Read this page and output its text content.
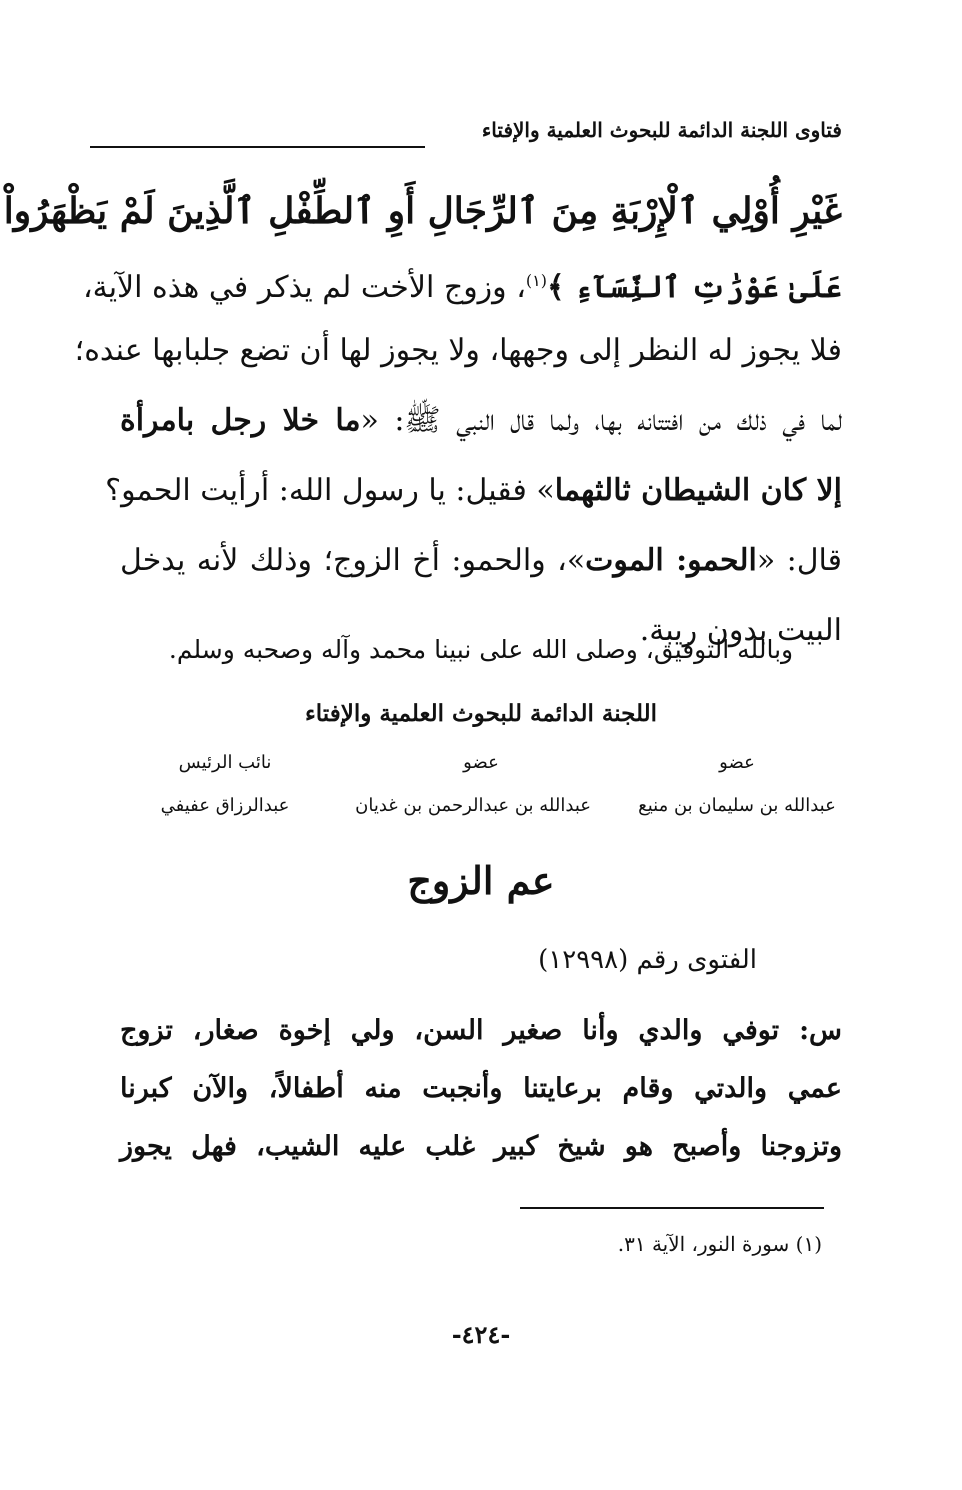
فتاوى اللجنة الدائمة للبحوث العلمية والإفتاء
غَيْرِ أُوْلِي ٱلْإِرْبَةِ مِنَ ٱلرِّجَالِ أَوِ ٱلطِّفْلِ ٱلَّذِينَ لَمْ يَظْهَرُواْ
عَلَىٰ عَوْرَٰتِ ٱلنِّسَآءِ ﴾$^{(١)}$، وزوج الأخت لم يذكر في هذه الآية،
فلا يجوز له النظر إلى وجهها، ولا يجوز لها أن تضع جلبابها عنده؛
لما في ذلك من افتتانه بها، ولما قال النبي ﷺ: «ما خلا رجل بامرأة
إلا كان الشيطان ثالثهما» فقيل: يا رسول الله: أرأيت الحمو؟
قال: «الحمو: الموت»، والحمو: أخ الزوج؛ وذلك لأنه يدخل
البيت بدون ريبة.
وبالله التوفيق، وصلى الله على نبينا محمد وآله وصحبه وسلم.
اللجنة الدائمة للبحوث العلمية والإفتاء
عضو
عضو
نائب الرئيس
عبدالله بن سليمان بن منيع
عبدالله بن عبدالرحمن بن غديان
عبدالرزاق عفيفي
عم الزوج
الفتوى رقم (١٢٩٩٨)
س: توفي والدي وأنا صغير السن، ولي إخوة صغار، تزوج
عمي والدتي وقام برعايتنا وأنجبت منه أطفالاً، والآن كبرنا
وتزوجنا وأصبح هو شيخ كبير غلب عليه الشيب، فهل يجوز
(١) سورة النور، الآية ٣١.
-٤٢٤-
